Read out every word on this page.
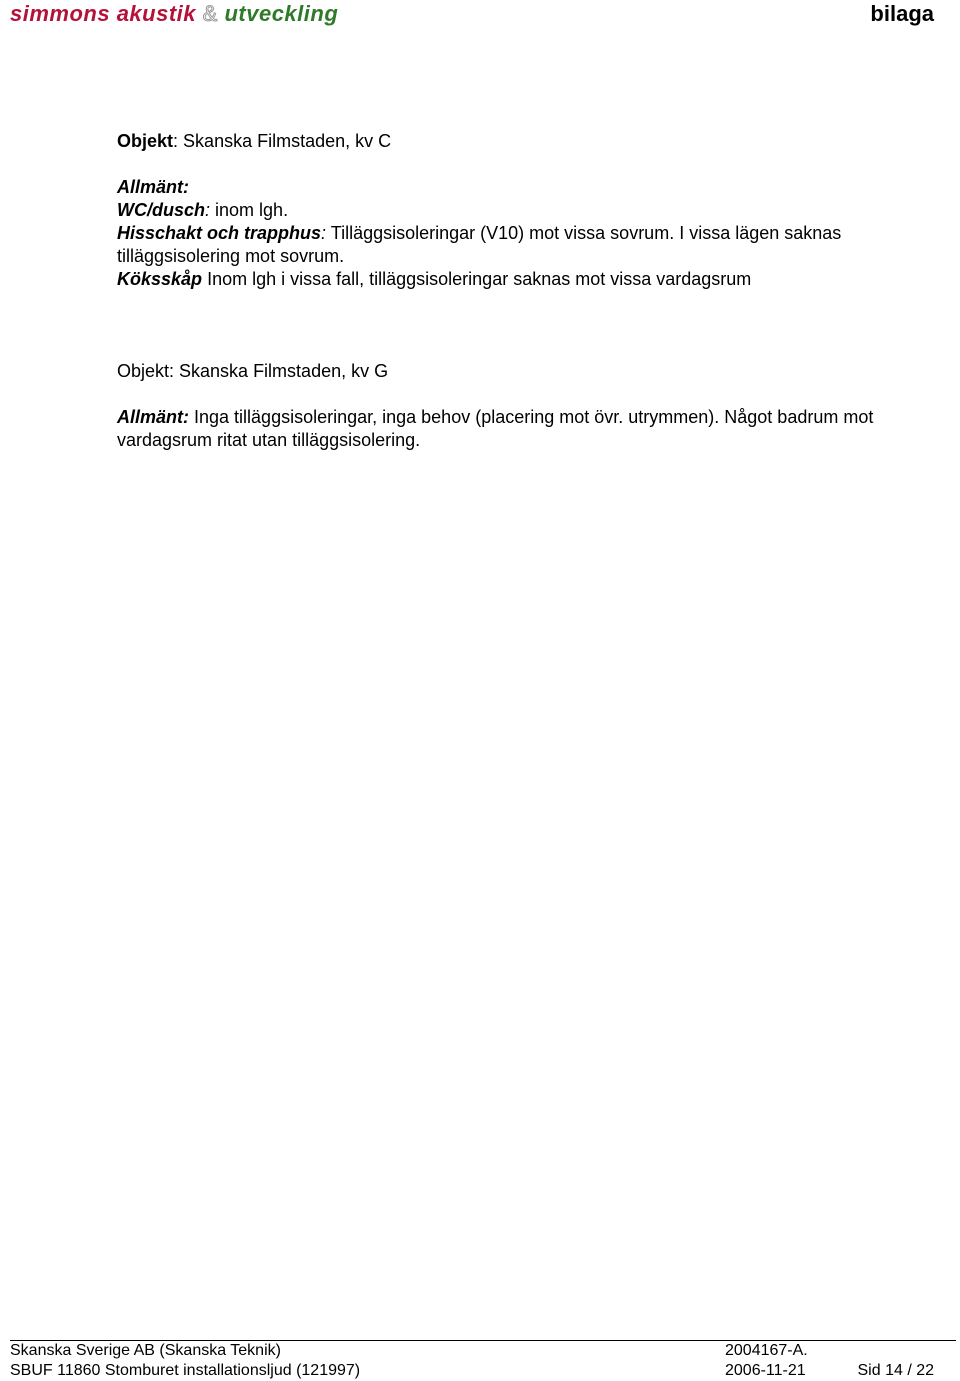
simmons akustik & utveckling	bilaga

Objekt: Skanska Filmstaden, kv C

Allmänt:

WC/dusch: inom lgh.

Hisschakt och trapphus: Tilläggsisoleringar (V10) mot vissa sovrum. I vissa lägen saknas tilläggsisolering mot sovrum.

Köksskåp Inom lgh i vissa fall, tilläggsisoleringar saknas mot vissa vardagsrum

Objekt: Skanska Filmstaden, kv G

Allmänt: Inga tilläggsisoleringar, inga behov (placering mot övr. utrymmen). Något badrum mot vardagsrum ritat utan tilläggsisolering.

Skanska Sverige AB (Skanska Teknik)	2004167-A.
SBUF 11860 Stomburet installationsljud (121997)	2006-11-21	Sid 14 / 22
